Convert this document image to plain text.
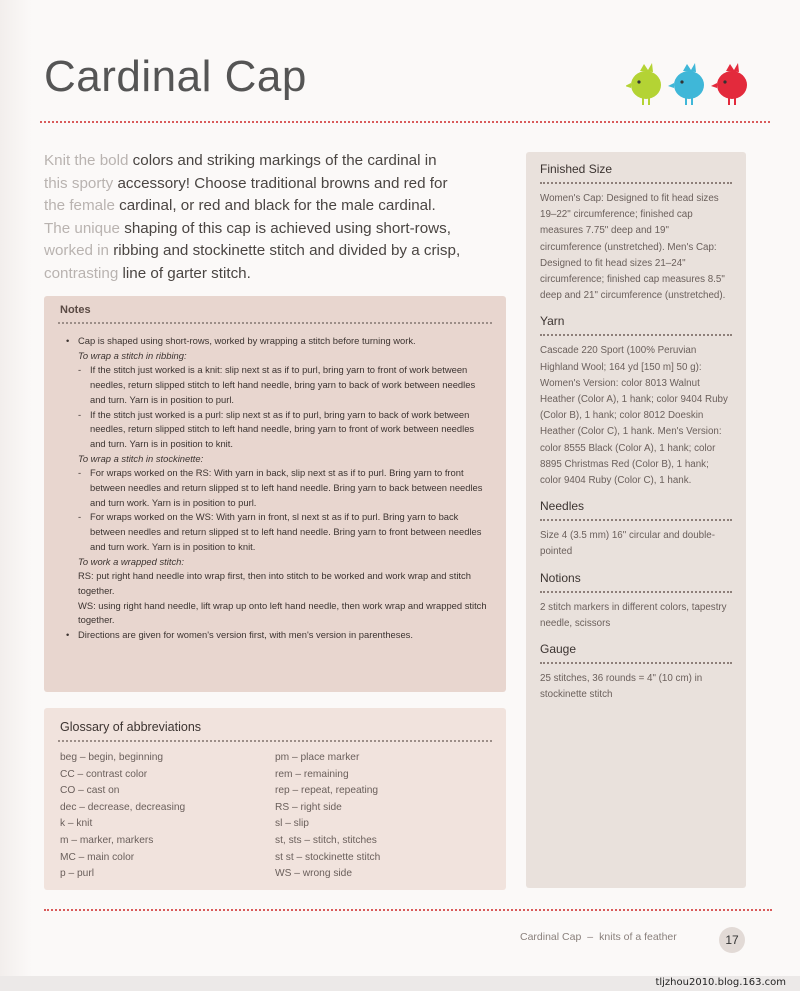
Cardinal Cap

Knit the bold colors and striking markings of the cardinal in
this sporty accessory! Choose traditional browns and red for
the female cardinal, or red and black for the male cardinal.
The unique shaping of this cap is achieved using short-rows,
worked in ribbing and stockinette stitch and divided by a crisp,
contrasting line of garter stitch.

Notes
• Cap is shaped using short-rows, worked by wrapping a stitch before turning work.
To wrap a stitch in ribbing:
- If the stitch just worked is a knit: slip next st as if to purl, bring yarn to front of work between needles, return slipped stitch to left hand needle, bring yarn to back of work between needles and turn. Yarn is in position to purl.
- If the stitch just worked is a purl: slip next st as if to purl, bring yarn to back of work between needles, return slipped stitch to left hand needle, bring yarn to front of work between needles and turn. Yarn is in position to knit.
To wrap a stitch in stockinette:
- For wraps worked on the RS: With yarn in back, slip next st as if to purl. Bring yarn to front between needles and return slipped st to left hand needle. Bring yarn to back between needles and turn work. Yarn is in position to purl.
- For wraps worked on the WS: With yarn in front, sl next st as if to purl. Bring yarn to back between needles and return slipped st to left hand needle. Bring yarn to front between needles and turn work. Yarn is in position to knit.
To work a wrapped stitch:
RS: put right hand needle into wrap first, then into stitch to be worked and work wrap and stitch together.
WS: using right hand needle, lift wrap up onto left hand needle, then work wrap and wrapped stitch together.
• Directions are given for women's version first, with men's version in parentheses.
Glossary of abbreviations
beg – begin, beginning
CC – contrast color
CO – cast on
dec – decrease, decreasing
k – knit
m – marker, markers
MC – main color
p – purl
pm – place marker
rem – remaining
rep – repeat, repeating
RS – right side
sl – slip
st, sts – stitch, stitches
st st – stockinette stitch
WS – wrong side
Finished Size
Women's Cap: Designed to fit head sizes 19–22" circumference; finished cap measures 7.75" deep and 19" circumference (unstretched). Men's Cap: Designed to fit head sizes 21–24" circumference; finished cap measures 8.5" deep and 21" circumference (unstretched).
Yarn
Cascade 220 Sport (100% Peruvian Highland Wool; 164 yd [150 m] 50 g): Women's Version: color 8013 Walnut Heather (Color A), 1 hank; color 9404 Ruby (Color B), 1 hank; color 8012 Doeskin Heather (Color C), 1 hank. Men's Version: color 8555 Black (Color A), 1 hank; color 8895 Christmas Red (Color B), 1 hank; color 9404 Ruby (Color C), 1 hank.
Needles
Size 4 (3.5 mm) 16" circular and double-pointed
Notions
2 stitch markers in different colors, tapestry needle, scissors
Gauge
25 stitches, 36 rounds = 4" (10 cm) in stockinette stitch
Cardinal Cap – knits of a feather	17
tljzhou2010.blog.163.com
